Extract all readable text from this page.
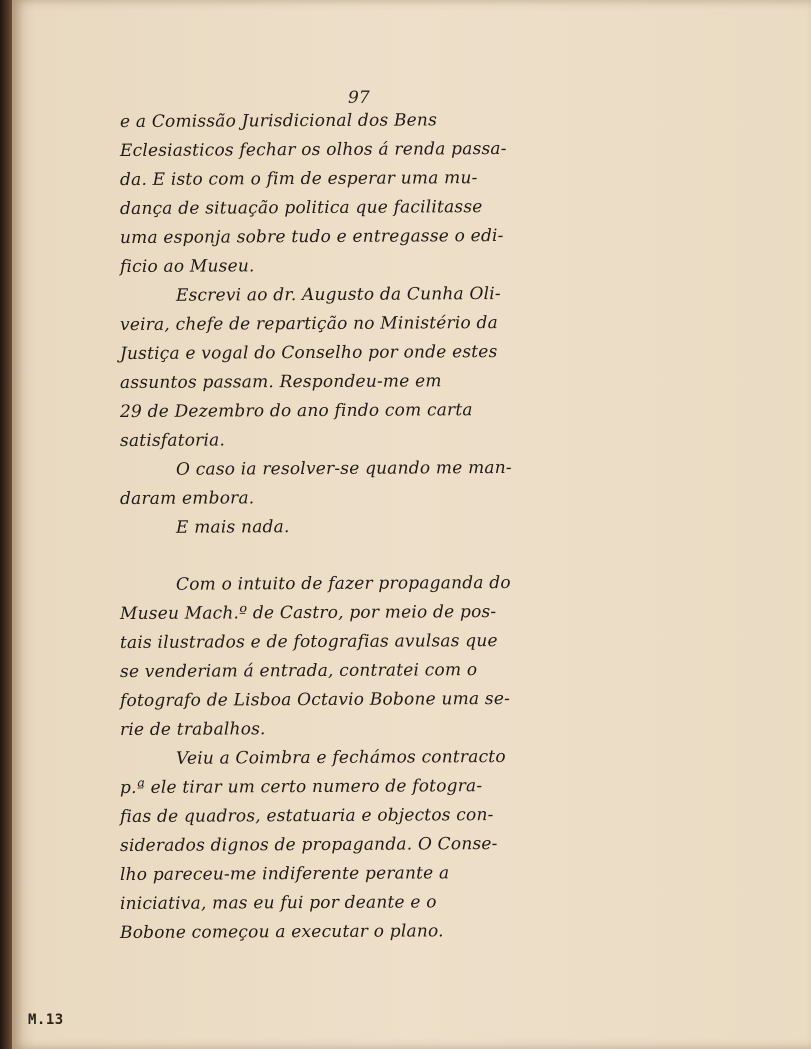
97
e a Comissão Jurisdicional dos Bens
Eclesiasticos fechar os olhos á renda passa-
da. E isto com o fim de esperar uma mu-
dança de situação politica que facilitasse
uma esponja sobre tudo e entregasse o edi-
ficio ao Museu.
Escrevi ao dr. Augusto da Cunha Oli-
veira, chefe de repartição no Ministério da
Justiça e vogal do Conselho por onde estes
assuntos passam. Respondeu-me em
29 de Dezembro do ano findo com carta
satisfatoria.
O caso ia resolver-se quando me man-
daram embora.
E mais nada.
Com o intuito de fazer propaganda do
Museu Mach.º de Castro, por meio de pos-
tais ilustrados e de fotografias avulsas que
se venderiam á entrada, contratei com o
fotografo de Lisboa Octavio Bobone uma se-
rie de trabalhos.
Veiu a Coimbra e fechámos contracto
p.ª ele tirar um certo numero de fotogra-
fias de quadros, estatuaria e objectos con-
siderados dignos de propaganda. O Conse-
lho pareceu-me indiferente perante a
iniciativa, mas eu fui por deante e o
Bobone começou a executar o plano.
M.13
